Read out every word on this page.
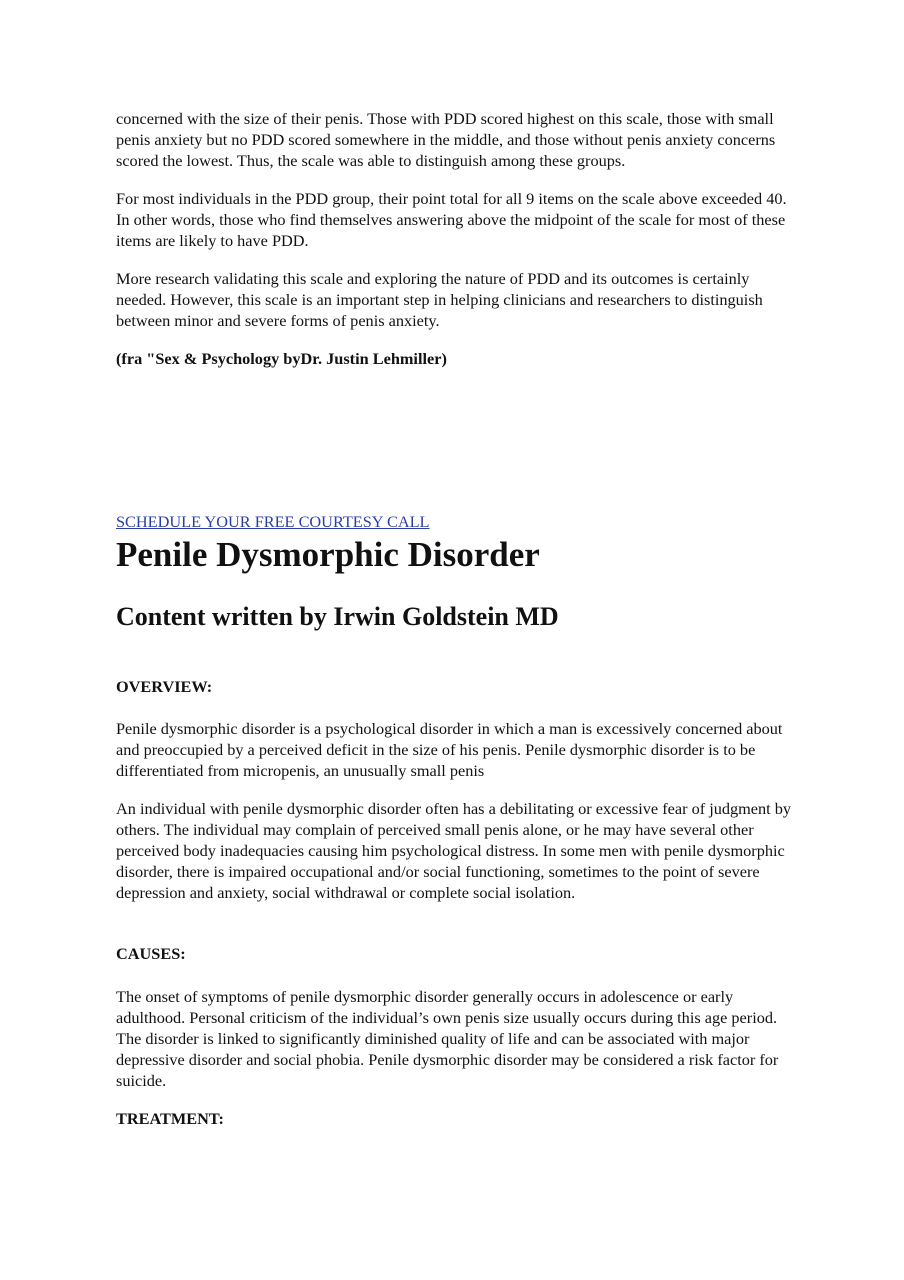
concerned with the size of their penis. Those with PDD scored highest on this scale, those with small penis anxiety but no PDD scored somewhere in the middle, and those without penis anxiety concerns scored the lowest. Thus, the scale was able to distinguish among these groups.

For most individuals in the PDD group, their point total for all 9 items on the scale above exceeded 40. In other words, those who find themselves answering above the midpoint of the scale for most of these items are likely to have PDD.

More research validating this scale and exploring the nature of PDD and its outcomes is certainly needed. However, this scale is an important step in helping clinicians and researchers to distinguish between minor and severe forms of penis anxiety.

(fra "Sex & Psychology byDr. Justin Lehmiller)

SCHEDULE YOUR FREE COURTESY CALL
Penile Dysmorphic Disorder
Content written by Irwin Goldstein MD

OVERVIEW:

Penile dysmorphic disorder is a psychological disorder in which a man is excessively concerned about and preoccupied by a perceived deficit in the size of his penis. Penile dysmorphic disorder is to be differentiated from micropenis, an unusually small penis

An individual with penile dysmorphic disorder often has a debilitating or excessive fear of judgment by others. The individual may complain of perceived small penis alone, or he may have several other perceived body inadequacies causing him psychological distress. In some men with penile dysmorphic disorder, there is impaired occupational and/or social functioning, sometimes to the point of severe depression and anxiety, social withdrawal or complete social isolation.

CAUSES:

The onset of symptoms of penile dysmorphic disorder generally occurs in adolescence or early adulthood. Personal criticism of the individual’s own penis size usually occurs during this age period. The disorder is linked to significantly diminished quality of life and can be associated with major depressive disorder and social phobia. Penile dysmorphic disorder may be considered a risk factor for suicide.

TREATMENT:
